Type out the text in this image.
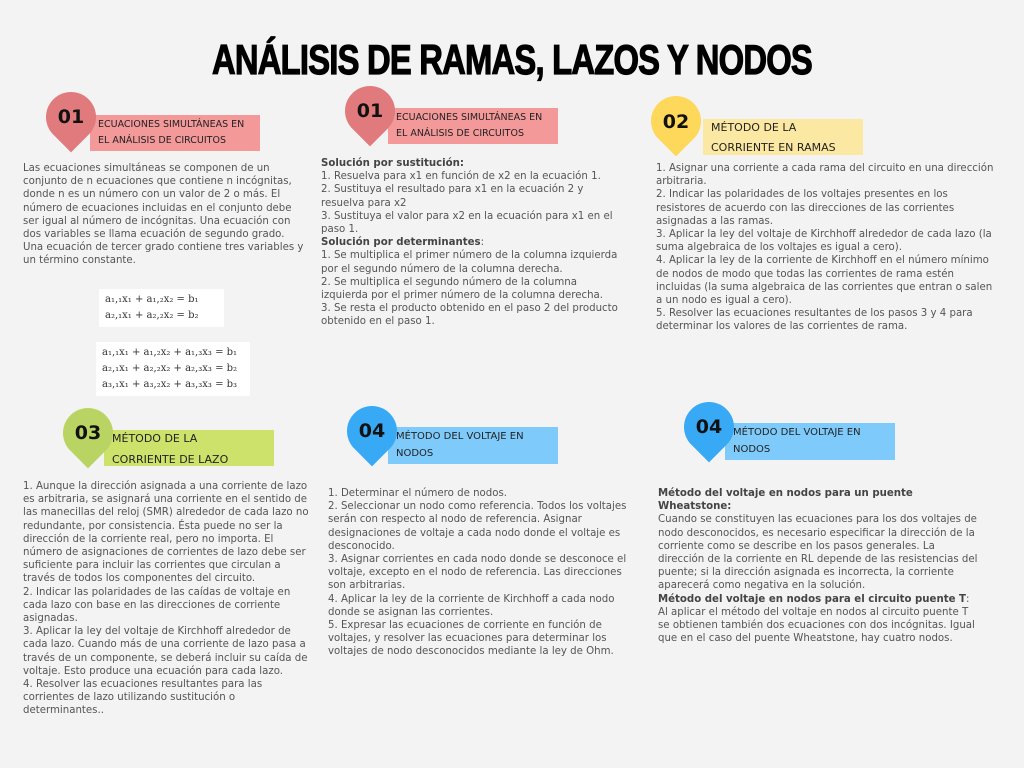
ANÁLISIS DE RAMAS, LAZOS Y NODOS
ECUACIONES SIMULTÁNEAS EN
EL ANÁLISIS DE CIRCUITOS
01
Las ecuaciones simultáneas se componen de un conjunto de n ecuaciones que contiene n incógnitas, donde n es un número con un valor de 2 o más. El número de ecuaciones incluidas en el conjunto debe ser igual al número de incógnitas. Una ecuación con dos variables se llama ecuación de segundo grado.
Una ecuación de tercer grado contiene tres variables y un término constante.
a₁,₁x₁ + a₁,₂x₂ = b₁
a₂,₁x₁ + a₂,₂x₂ = b₂
a₁,₁x₁ + a₁,₂x₂ + a₁,₃x₃ = b₁
a₂,₁x₁ + a₂,₂x₂ + a₂,₃x₃ = b₂
a₃,₁x₁ + a₃,₂x₂ + a₃,₃x₃ = b₃
ECUACIONES SIMULTÁNEAS EN
EL ANÁLISIS DE CIRCUITOS
01
Solución por sustitución:
1. Resuelva para x1 en función de x2 en la ecuación 1.
2. Sustituya el resultado para x1 en la ecuación 2 y resuelva para x2
3. Sustituya el valor para x2 en la ecuación para x1 en el paso 1.
Solución por determinantes:
1. Se multiplica el primer número de la columna izquierda por el segundo número de la columna derecha.
2. Se multiplica el segundo número de la columna izquierda por el primer número de la columna derecha.
3. Se resta el producto obtenido en el paso 2 del producto obtenido en el paso 1.
MÉTODO DE LA
CORRIENTE EN RAMAS
02
1. Asignar una corriente a cada rama del circuito en una dirección arbitraria.
2. Indicar las polaridades de los voltajes presentes en los resistores de acuerdo con las direcciones de las corrientes asignadas a las ramas.
3. Aplicar la ley del voltaje de Kirchhoff alrededor de cada lazo (la suma algebraica de los voltajes es igual a cero).
4. Aplicar la ley de la corriente de Kirchhoff en el número mínimo de nodos de modo que todas las corrientes de rama estén incluidas (la suma algebraica de las corrientes que entran o salen a un nodo es igual a cero).
5. Resolver las ecuaciones resultantes de los pasos 3 y 4 para determinar los valores de las corrientes de rama.
MÉTODO DE LA
CORRIENTE DE LAZO
03
1. Aunque la dirección asignada a una corriente de lazo es arbitraria, se asignará una corriente en el sentido de las manecillas del reloj (SMR) alrededor de cada lazo no redundante, por consistencia. Ésta puede no ser la dirección de la corriente real, pero no importa. El número de asignaciones de corrientes de lazo debe ser suficiente para incluir las corrientes que circulan a través de todos los componentes del circuito.
2. Indicar las polaridades de las caídas de voltaje en cada lazo con base en las direcciones de corriente asignadas.
3. Aplicar la ley del voltaje de Kirchhoff alrededor de cada lazo. Cuando más de una corriente de lazo pasa a través de un componente, se deberá incluir su caída de voltaje. Esto produce una ecuación para cada lazo.
4. Resolver las ecuaciones resultantes para las corrientes de lazo utilizando sustitución o determinantes..
MÉTODO DEL VOLTAJE EN
NODOS
04
1. Determinar el número de nodos.
2. Seleccionar un nodo como referencia. Todos los voltajes serán con respecto al nodo de referencia. Asignar designaciones de voltaje a cada nodo donde el voltaje es desconocido.
3. Asignar corrientes en cada nodo donde se desconoce el voltaje, excepto en el nodo de referencia. Las direcciones son arbitrarias.
4. Aplicar la ley de la corriente de Kirchhoff a cada nodo donde se asignan las corrientes.
5. Expresar las ecuaciones de corriente en función de voltajes, y resolver las ecuaciones para determinar los voltajes de nodo desconocidos mediante la ley de Ohm.
MÉTODO DEL VOLTAJE EN
NODOS
04
Método del voltaje en nodos para un puente Wheatstone:
Cuando se constituyen las ecuaciones para los dos voltajes de nodo desconocidos, es necesario especificar la dirección de la corriente como se describe en los pasos generales. La dirección de la corriente en RL depende de las resistencias del puente; si la dirección asignada es incorrecta, la corriente aparecerá como negativa en la solución.
Método del voltaje en nodos para el circuito puente T:
Al aplicar el método del voltaje en nodos al circuito puente T se obtienen también dos ecuaciones con dos incógnitas. Igual que en el caso del puente Wheatstone, hay cuatro nodos.
